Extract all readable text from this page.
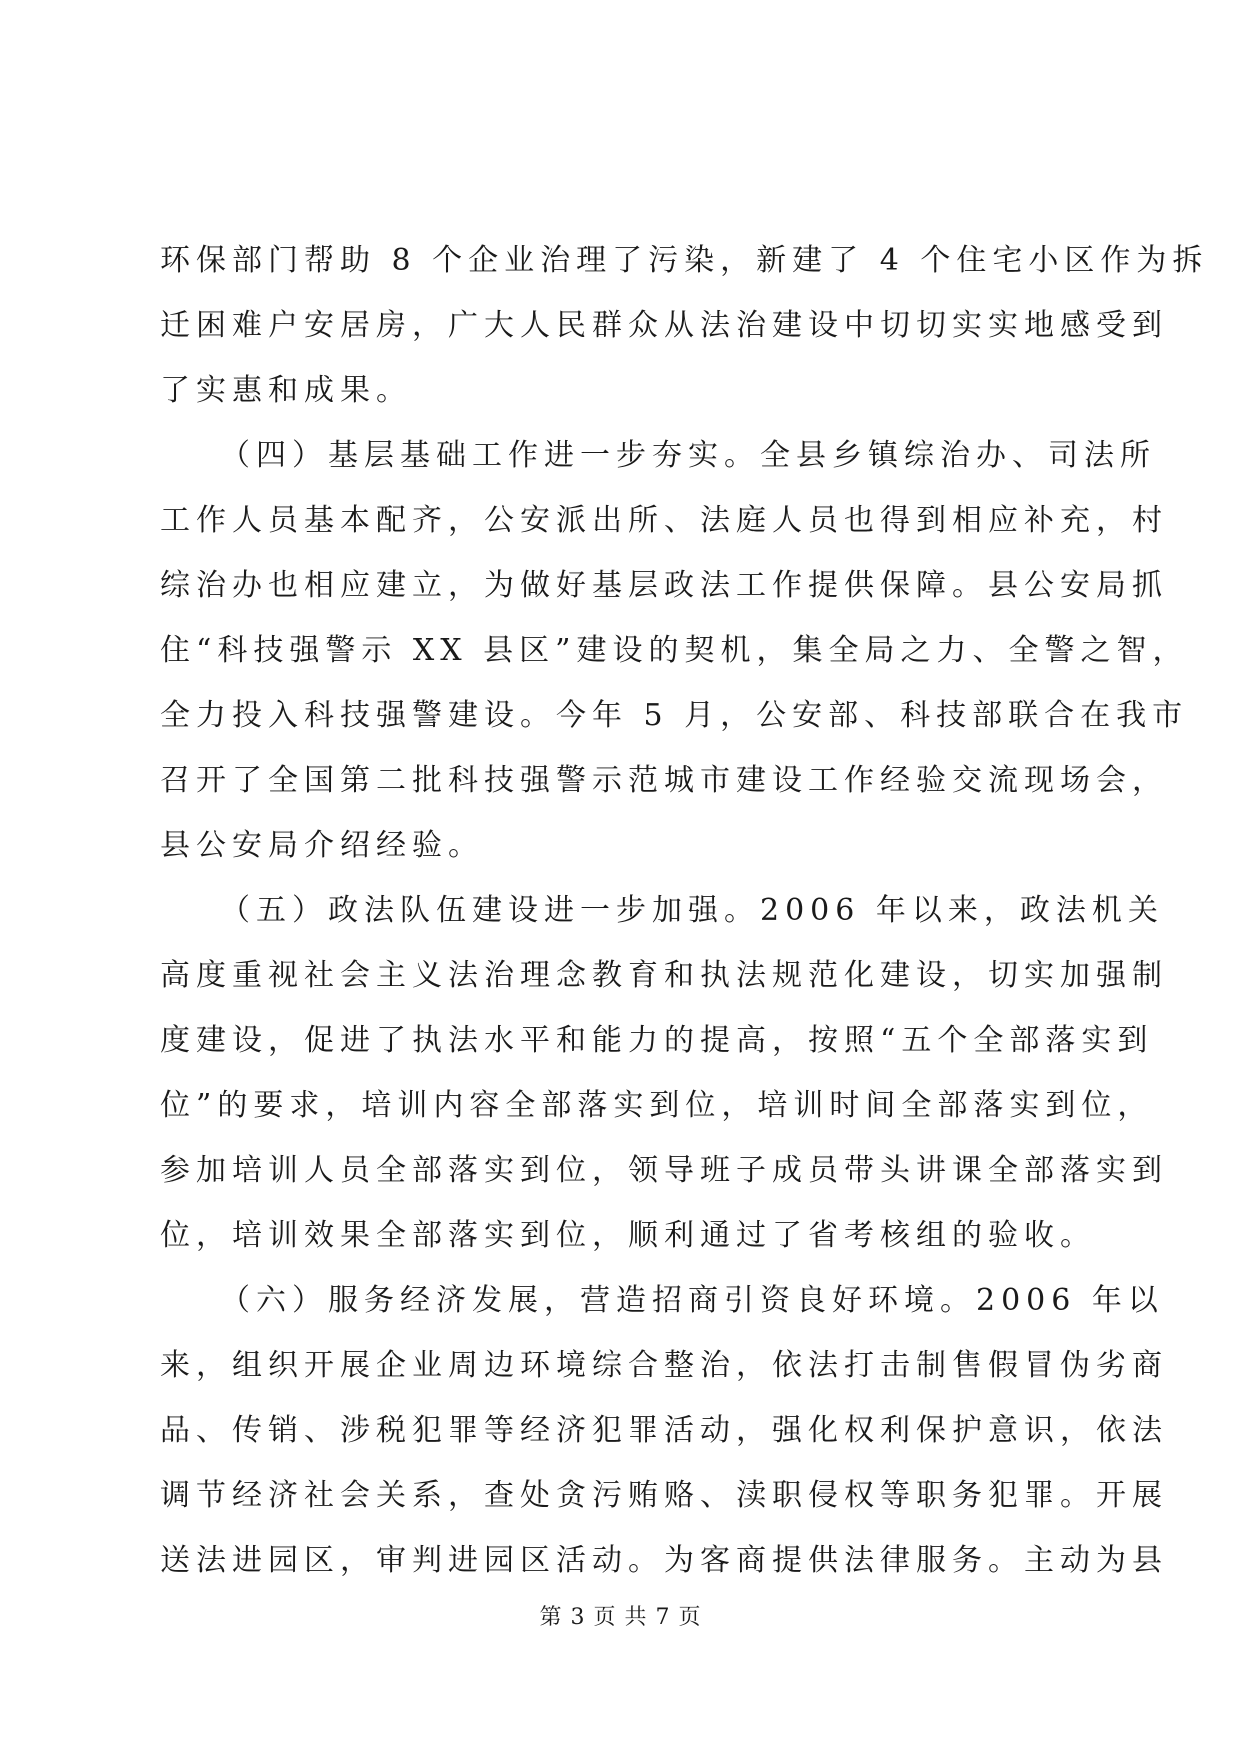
环保部门帮助 8 个企业治理了污染，新建了 4 个住宅小区作为拆
迁困难户安居房，广大人民群众从法治建设中切切实实地感受到
了实惠和成果。
（四）基层基础工作进一步夯实。全县乡镇综治办、司法所
工作人员基本配齐，公安派出所、法庭人员也得到相应补充，村
综治办也相应建立，为做好基层政法工作提供保障。县公安局抓
住“科技强警示 XX 县区”建设的契机，集全局之力、全警之智，
全力投入科技强警建设。今年 5 月，公安部、科技部联合在我市
召开了全国第二批科技强警示范城市建设工作经验交流现场会，
县公安局介绍经验。
（五）政法队伍建设进一步加强。2006 年以来，政法机关
高度重视社会主义法治理念教育和执法规范化建设，切实加强制
度建设，促进了执法水平和能力的提高，按照“五个全部落实到
位”的要求，培训内容全部落实到位，培训时间全部落实到位，
参加培训人员全部落实到位，领导班子成员带头讲课全部落实到
位，培训效果全部落实到位，顺利通过了省考核组的验收。
（六）服务经济发展，营造招商引资良好环境。2006 年以
来，组织开展企业周边环境综合整治，依法打击制售假冒伪劣商
品、传销、涉税犯罪等经济犯罪活动，强化权利保护意识，依法
调节经济社会关系，查处贪污贿赂、渎职侵权等职务犯罪。开展
送法进园区，审判进园区活动。为客商提供法律服务。主动为县
第 3 页 共 7 页
